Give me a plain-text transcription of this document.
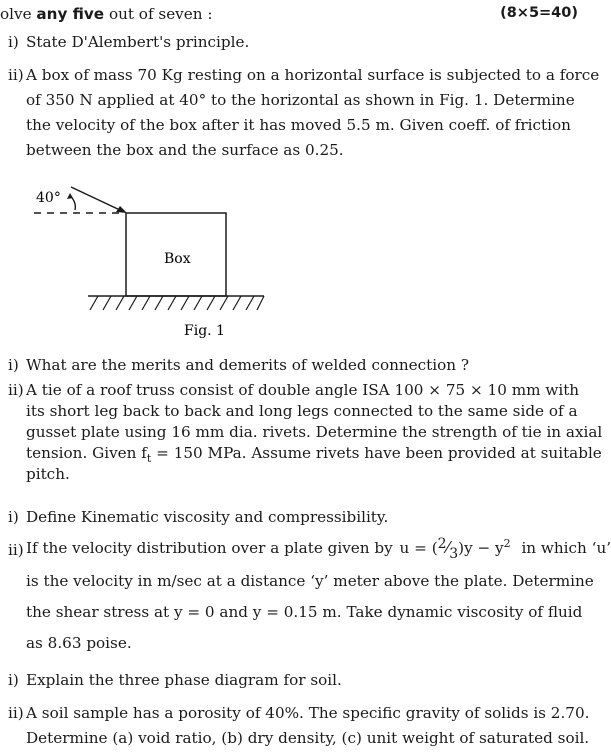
olve any five out of seven :	(8×5=40)
i) State D'Alembert's principle.
ii) A box of mass 70 Kg resting on a horizontal surface is subjected to a force
of 350 N applied at 40° to the horizontal as shown in Fig. 1. Determine
the velocity of the box after it has moved 5.5 m. Given coeff. of friction
between the box and the surface as 0.25.
40°
Box
Fig. 1
i) What are the merits and demerits of welded connection ?
ii) A tie of a roof truss consist of double angle ISA 100 × 75 × 10 mm with
its short leg back to back and long legs connected to the same side of a
gusset plate using 16 mm dia. rivets. Determine the strength of tie in axial
tension. Given $f_t = 150$ MPa. Assume rivets have been provided at suitable
pitch.
i) Define Kinematic viscosity and compressibility.
ii) If the velocity distribution over a plate given by u = (2⁄3)y − $y^2$ in which ‘u’
is the velocity in m/sec at a distance ‘y’ meter above the plate. Determine
the shear stress at y = 0 and y = 0.15 m. Take dynamic viscosity of fluid
as 8.63 poise.
i) Explain the three phase diagram for soil.
ii) A soil sample has a porosity of 40%. The specific gravity of solids is 2.70.
Determine (a) void ratio, (b) dry density, (c) unit weight of saturated soil.
